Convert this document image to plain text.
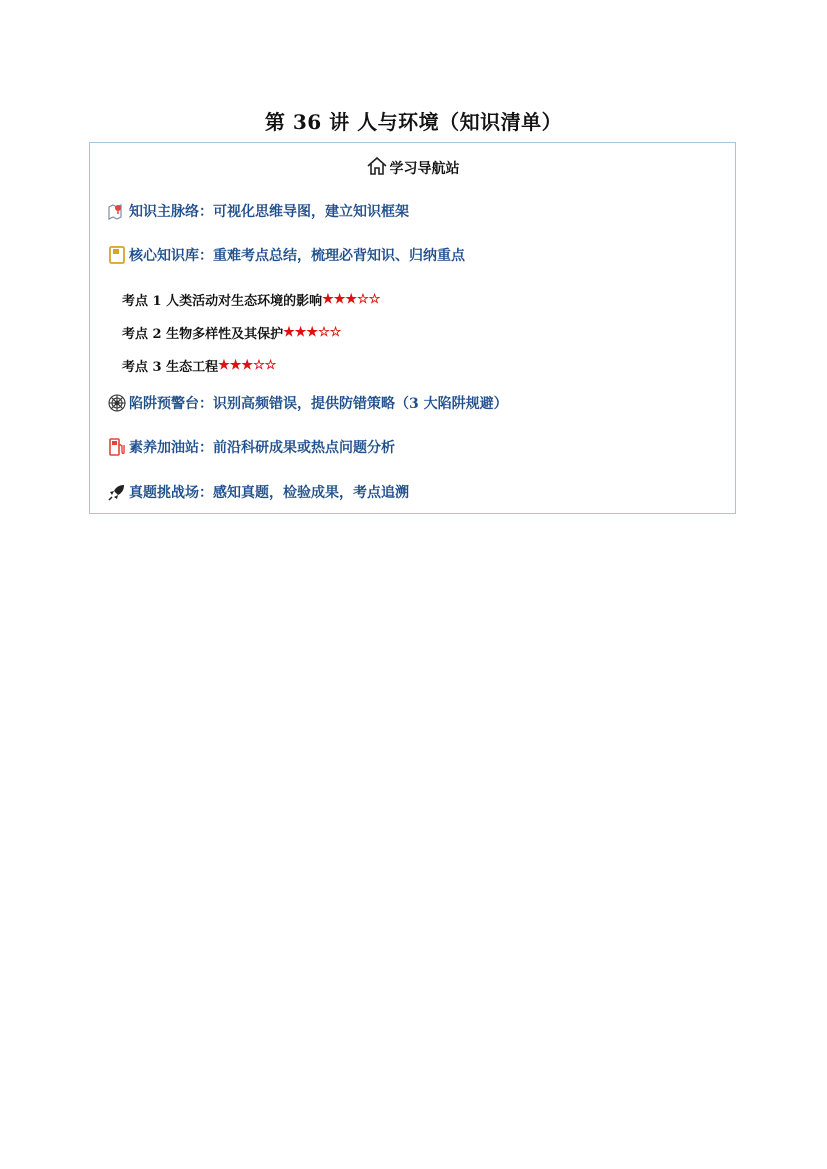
第 36 讲 人与环境（知识清单）
学习导航站
知识主脉络： 可视化思维导图，建立知识框架
核心知识库： 重难考点总结，梳理必背知识、归纳重点
考点 1 人类活动对生态环境的影响 ★★★☆☆
考点 2 生物多样性及其保护 ★★★☆☆
考点 3 生态工程 ★★★☆☆
陷阱预警台： 识别高频错误，提供防错策略（3 大陷阱规避）
素养加油站： 前沿科研成果或热点问题分析
真题挑战场： 感知真题，检验成果，考点追溯
